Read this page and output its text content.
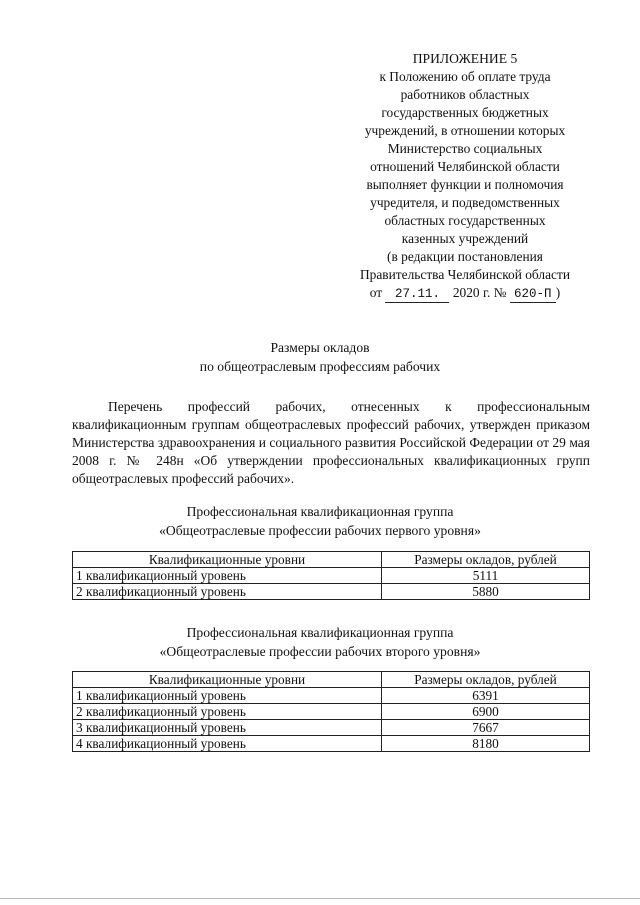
ПРИЛОЖЕНИЕ 5
к Положению об оплате труда
работников областных
государственных бюджетных
учреждений, в отношении которых
Министерство социальных
отношений Челябинской области
выполняет функции и полномочия
учредителя, и подведомственных
областных государственных
казенных учреждений
(в редакции постановления
Правительства Челябинской области
от 27.11. 2020 г. № 620-П )
Размеры окладов
по общеотраслевым профессиям рабочих
Перечень профессий рабочих, отнесенных к профессиональным квалификационным группам общеотраслевых профессий рабочих, утвержден приказом Министерства здравоохранения и социального развития Российской Федерации от 29 мая 2008 г. № 248н «Об утверждении профессиональных квалификационных групп общеотраслевых профессий рабочих».
Профессиональная квалификационная группа
«Общеотраслевые профессии рабочих первого уровня»
Квалификационные уровни	Размеры окладов, рублей
1 квалификационный уровень	5111
2 квалификационный уровень	5880
Профессиональная квалификационная группа
«Общеотраслевые профессии рабочих второго уровня»
Квалификационные уровни	Размеры окладов, рублей
1 квалификационный уровень	6391
2 квалификационный уровень	6900
3 квалификационный уровень	7667
4 квалификационный уровень	8180
